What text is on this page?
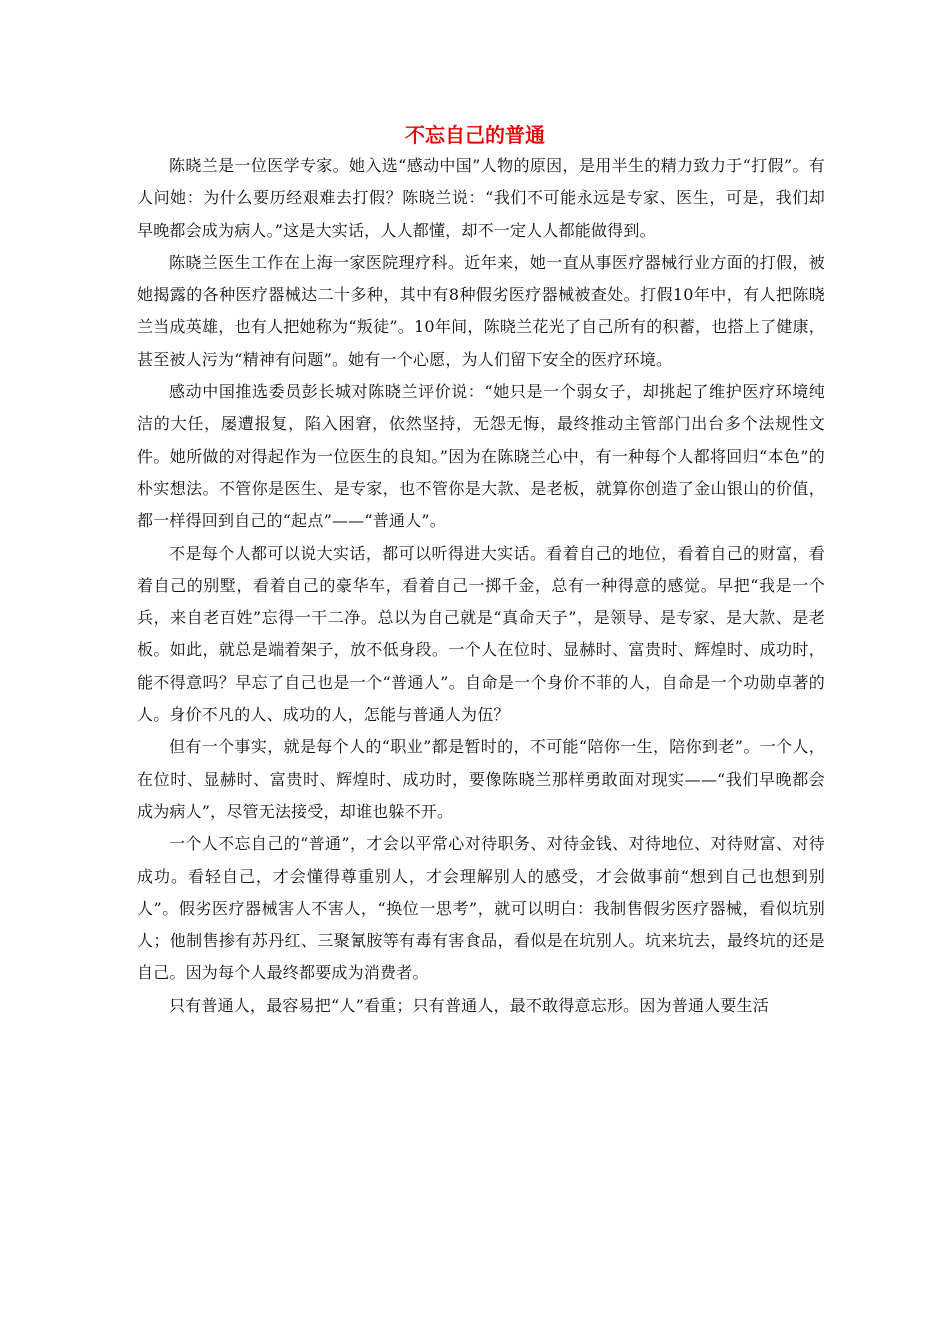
不忘自己的普通

陈晓兰是一位医学专家。她入选“感动中国”人物的原因，是用半生的精力致力于“打假”。有人问她：为什么要历经艰难去打假？陈晓兰说：“我们不可能永远是专家、医生，可是，我们却早晚都会成为病人。”这是大实话，人人都懂，却不一定人人都能做得到。

陈晓兰医生工作在上海一家医院理疗科。近年来，她一直从事医疗器械行业方面的打假，被她揭露的各种医疗器械达二十多种，其中有8种假劣医疗器械被查处。打假10年中，有人把陈晓兰当成英雄，也有人把她称为“叛徒”。10年间，陈晓兰花光了自己所有的积蓄，也搭上了健康，甚至被人污为“精神有问题”。她有一个心愿，为人们留下安全的医疗环境。

感动中国推选委员彭长城对陈晓兰评价说：“她只是一个弱女子，却挑起了维护医疗环境纯洁的大任，屡遭报复，陷入困窘，依然坚持，无怨无悔，最终推动主管部门出台多个法规性文件。她所做的对得起作为一位医生的良知。”因为在陈晓兰心中，有一种每个人都将回归“本色”的朴实想法。不管你是医生、是专家，也不管你是大款、是老板，就算你创造了金山银山的价值，都一样得回到自己的“起点”——“普通人”。

不是每个人都可以说大实话，都可以听得进大实话。看着自己的地位，看着自己的财富，看着自己的别墅，看着自己的豪华车，看着自己一掷千金，总有一种得意的感觉。早把“我是一个兵，来自老百姓”忘得一干二净。总以为自己就是“真命天子”，是领导、是专家、是大款、是老板。如此，就总是端着架子，放不低身段。一个人在位时、显赫时、富贵时、辉煌时、成功时，能不得意吗？早忘了自己也是一个“普通人”。自命是一个身价不菲的人，自命是一个功勋卓著的人。身价不凡的人、成功的人，怎能与普通人为伍？

但有一个事实，就是每个人的“职业”都是暂时的，不可能“陪你一生，陪你到老”。一个人，在位时、显赫时、富贵时、辉煌时、成功时，要像陈晓兰那样勇敢面对现实——“我们早晚都会成为病人”，尽管无法接受，却谁也躲不开。

一个人不忘自己的“普通”，才会以平常心对待职务、对待金钱、对待地位、对待财富、对待成功。看轻自己，才会懂得尊重别人，才会理解别人的感受，才会做事前“想到自己也想到别人”。假劣医疗器械害人不害人，“换位一思考”，就可以明白：我制售假劣医疗器械，看似坑别人；他制售掺有苏丹红、三聚氰胺等有毒有害食品，看似是在坑别人。坑来坑去，最终坑的还是自己。因为每个人最终都要成为消费者。

只有普通人，最容易把“人”看重；只有普通人，最不敢得意忘形。因为普通人要生活
